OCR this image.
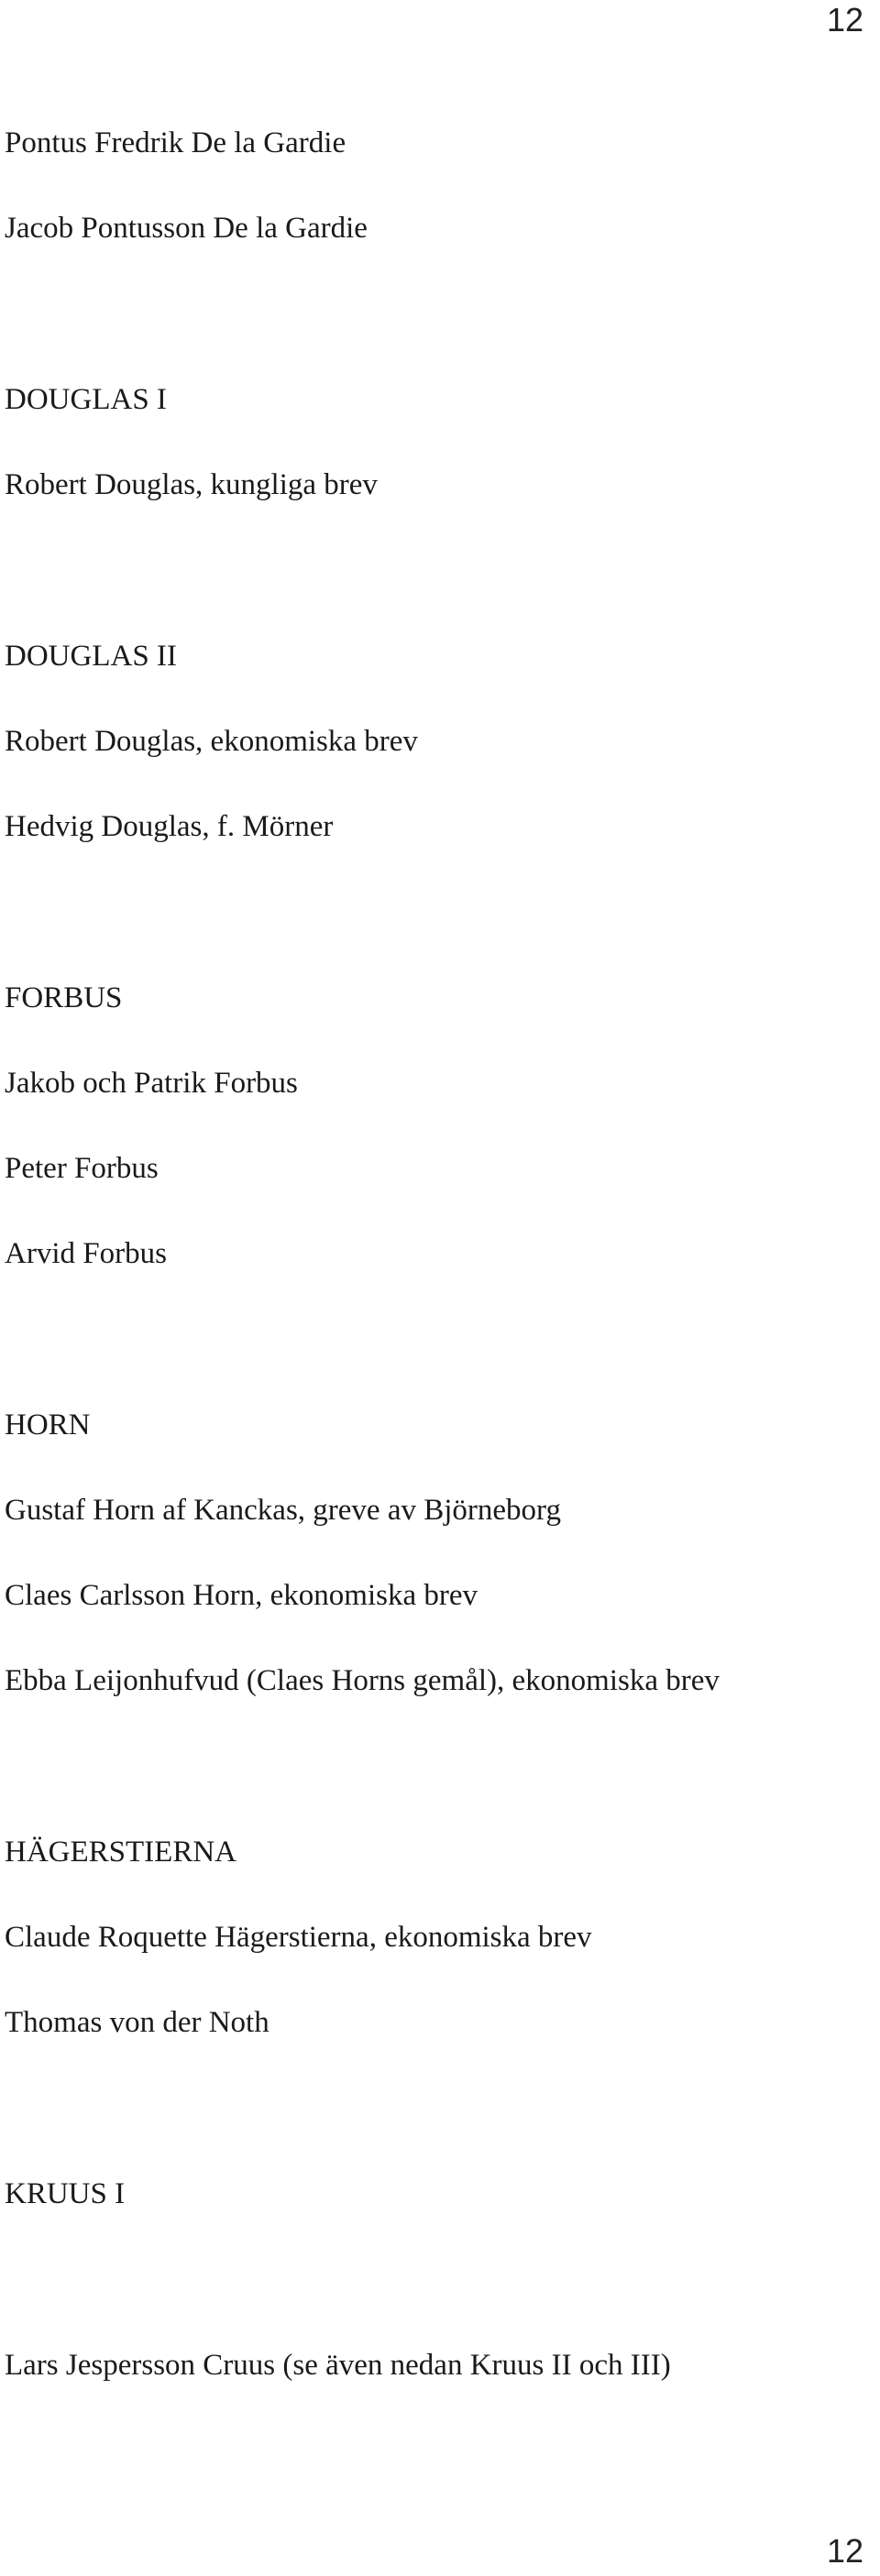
12
Pontus Fredrik De la Gardie
Jacob Pontusson De la Gardie
DOUGLAS I
Robert Douglas, kungliga brev
DOUGLAS II
Robert Douglas, ekonomiska brev
Hedvig Douglas, f. Mörner
FORBUS
Jakob och Patrik Forbus
Peter Forbus
Arvid Forbus
HORN
Gustaf Horn af Kanckas, greve av Björneborg
Claes Carlsson Horn, ekonomiska brev
Ebba Leijonhufvud (Claes Horns gemål), ekonomiska brev
HÄGERSTIERNA
Claude Roquette Hägerstierna, ekonomiska brev
Thomas von der Noth
KRUUS I
Lars Jespersson Cruus (se även nedan Kruus II och III)
12
